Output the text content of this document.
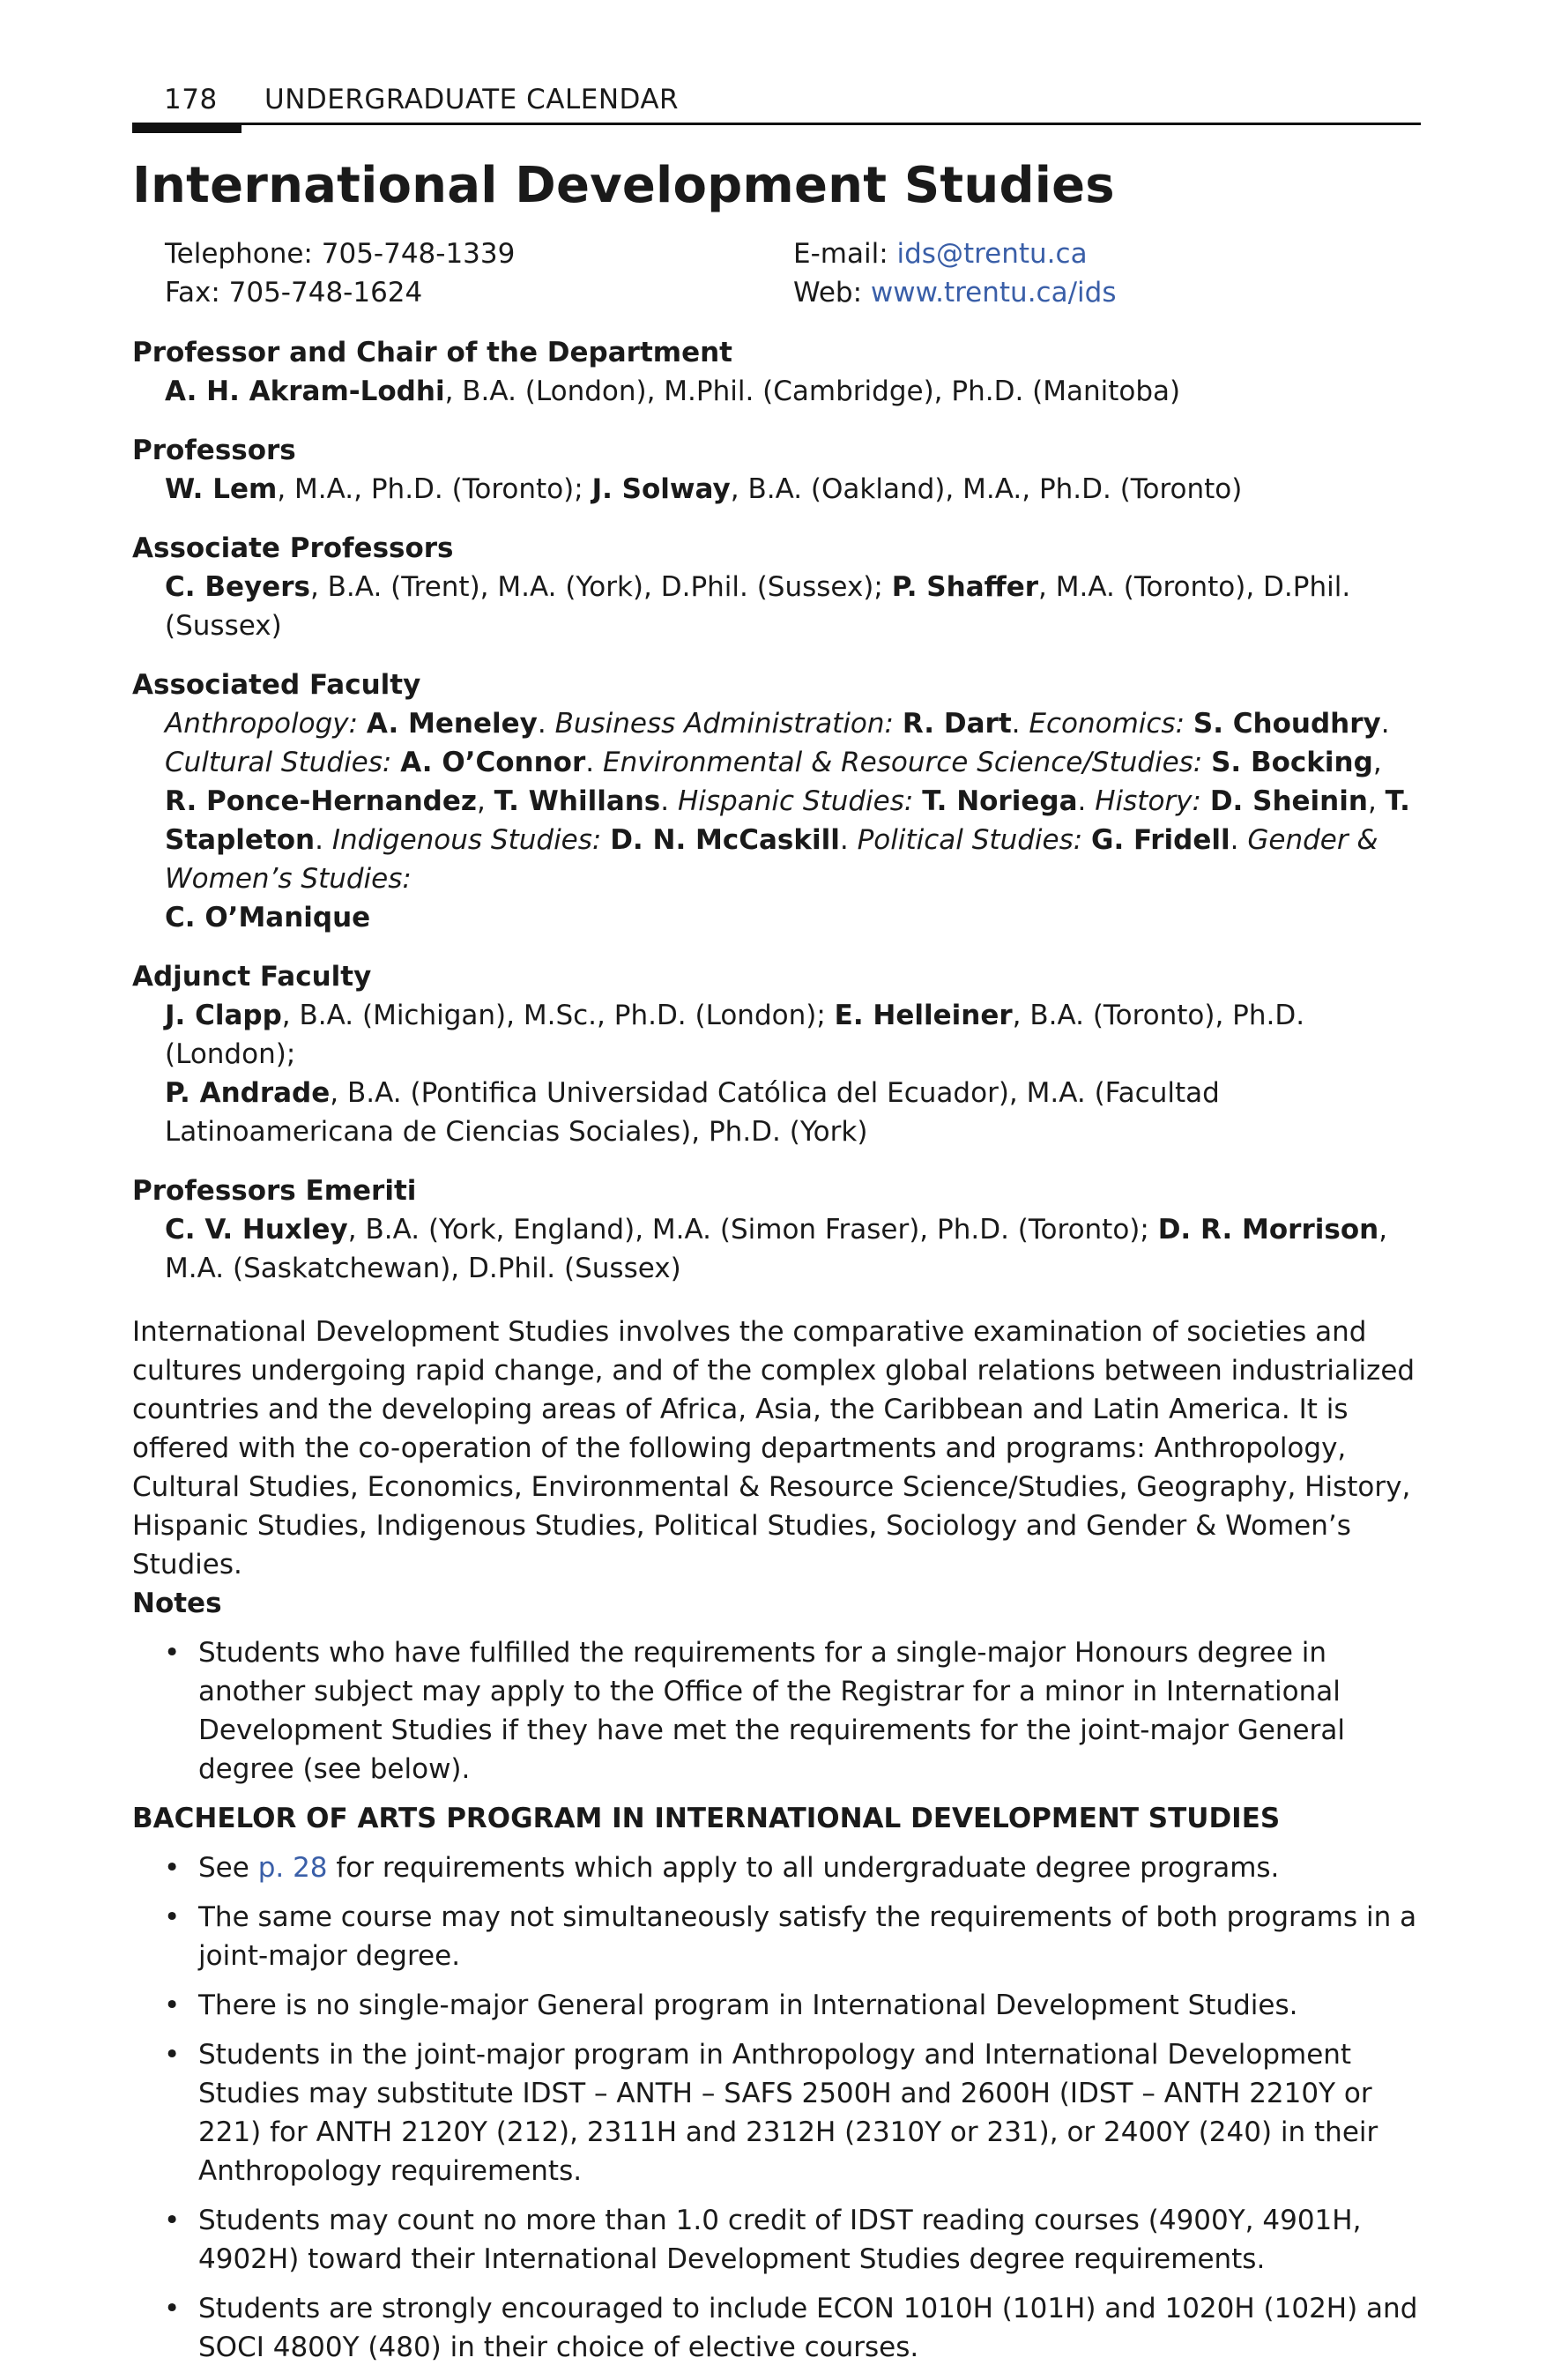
178 UNDERGRADUATE CALENDAR
International Development Studies
Telephone: 705-748-1339
Fax: 705-748-1624
E-mail: ids@trentu.ca
Web: www.trentu.ca/ids
Professor and Chair of the Department

A. H. Akram-Lodhi, B.A. (London), M.Phil. (Cambridge), Ph.D. (Manitoba)

Professors

W. Lem, M.A., Ph.D. (Toronto); J. Solway, B.A. (Oakland), M.A., Ph.D. (Toronto)

Associate Professors

C. Beyers, B.A. (Trent), M.A. (York), D.Phil. (Sussex); P. Shaffer, M.A. (Toronto), D.Phil. (Sussex)

Associated Faculty

Anthropology: A. Meneley. Business Administration: R. Dart. Economics: S. Choudhry. Cultural Studies: A. O’Connor. Environmental & Resource Science/Studies: S. Bocking, R. Ponce-Hernandez, T. Whillans. Hispanic Studies: T. Noriega. History: D. Sheinin, T. Stapleton. Indigenous Studies: D. N. McCaskill. Political Studies: G. Fridell. Gender & Women’s Studies:
C. O’Manique

Adjunct Faculty

J. Clapp, B.A. (Michigan), M.Sc., Ph.D. (London); E. Helleiner, B.A. (Toronto), Ph.D. (London);
P. Andrade, B.A. (Pontifica Universidad Católica del Ecuador), M.A. (Facultad Latinoamericana de Ciencias Sociales), Ph.D. (York)

Professors Emeriti

C. V. Huxley, B.A. (York, England), M.A. (Simon Fraser), Ph.D. (Toronto); D. R. Morrison, M.A. (Saskatchewan), D.Phil. (Sussex)

International Development Studies involves the comparative examination of societies and cultures undergoing rapid change, and of the complex global relations between industrialized countries and the developing areas of Africa, Asia, the Caribbean and Latin America. It is offered with the co-operation of the following departments and programs: Anthropology, Cultural Studies, Economics, Environmental & Resource Science/Studies, Geography, History, Hispanic Studies, Indigenous Studies, Political Studies, Sociology and Gender & Women’s Studies.

Notes
• Students who have fulfilled the requirements for a single-major Honours degree in another subject may apply to the Office of the Registrar for a minor in International Development Studies if they have met the requirements for the joint-major General degree (see below).
BACHELOR OF ARTS PROGRAM IN INTERNATIONAL DEVELOPMENT STUDIES
• See p. 28 for requirements which apply to all undergraduate degree programs.
• The same course may not simultaneously satisfy the requirements of both programs in a joint-major degree.
• There is no single-major General program in International Development Studies.
• Students in the joint-major program in Anthropology and International Development Studies may substitute IDST – ANTH – SAFS 2500H and 2600H (IDST – ANTH 2210Y or 221) for ANTH 2120Y (212), 2311H and 2312H (2310Y or 231), or 2400Y (240) in their Anthropology requirements.
• Students may count no more than 1.0 credit of IDST reading courses (4900Y, 4901H, 4902H) toward their International Development Studies degree requirements.
• Students are strongly encouraged to include ECON 1010H (101H) and 1020H (102H) and SOCI 4800Y (480) in their choice of elective courses.
